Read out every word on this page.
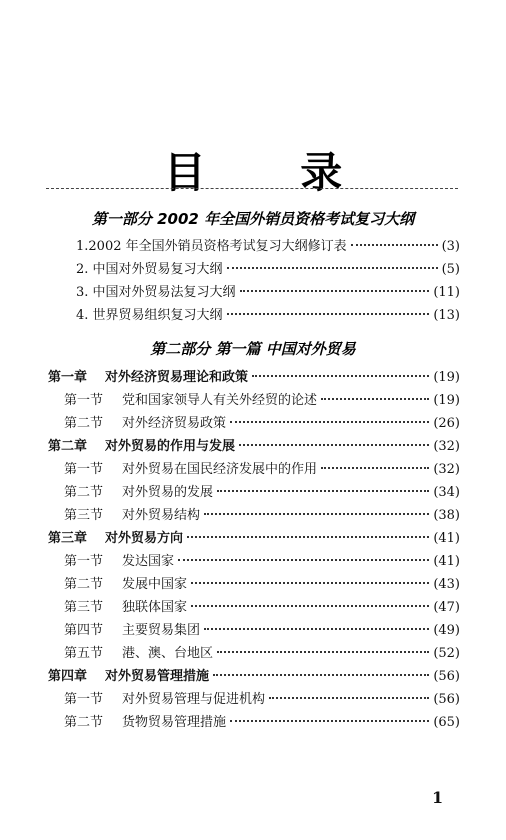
目 录
第一部分 2002 年全国外销员资格考试复习大纲
1.2002 年全国外销员资格考试复习大纲修订表	(3)
2. 中国对外贸易复习大纲	(5)
3. 中国对外贸易法复习大纲	(11)
4. 世界贸易组织复习大纲	(13)
第二部分 第一篇 中国对外贸易
第一章 对外经济贸易理论和政策	(19)
第一节	党和国家领导人有关外经贸的论述	(19)
第二节	对外经济贸易政策	(26)
第二章 对外贸易的作用与发展	(32)
第一节	对外贸易在国民经济发展中的作用	(32)
第二节	对外贸易的发展	(34)
第三节	对外贸易结构	(38)
第三章 对外贸易方向	(41)
第一节	发达国家	(41)
第二节	发展中国家	(43)
第三节	独联体国家	(47)
第四节	主要贸易集团	(49)
第五节	港、澳、台地区	(52)
第四章 对外贸易管理措施	(56)
第一节	对外贸易管理与促进机构	(56)
第二节	货物贸易管理措施	(65)
1
